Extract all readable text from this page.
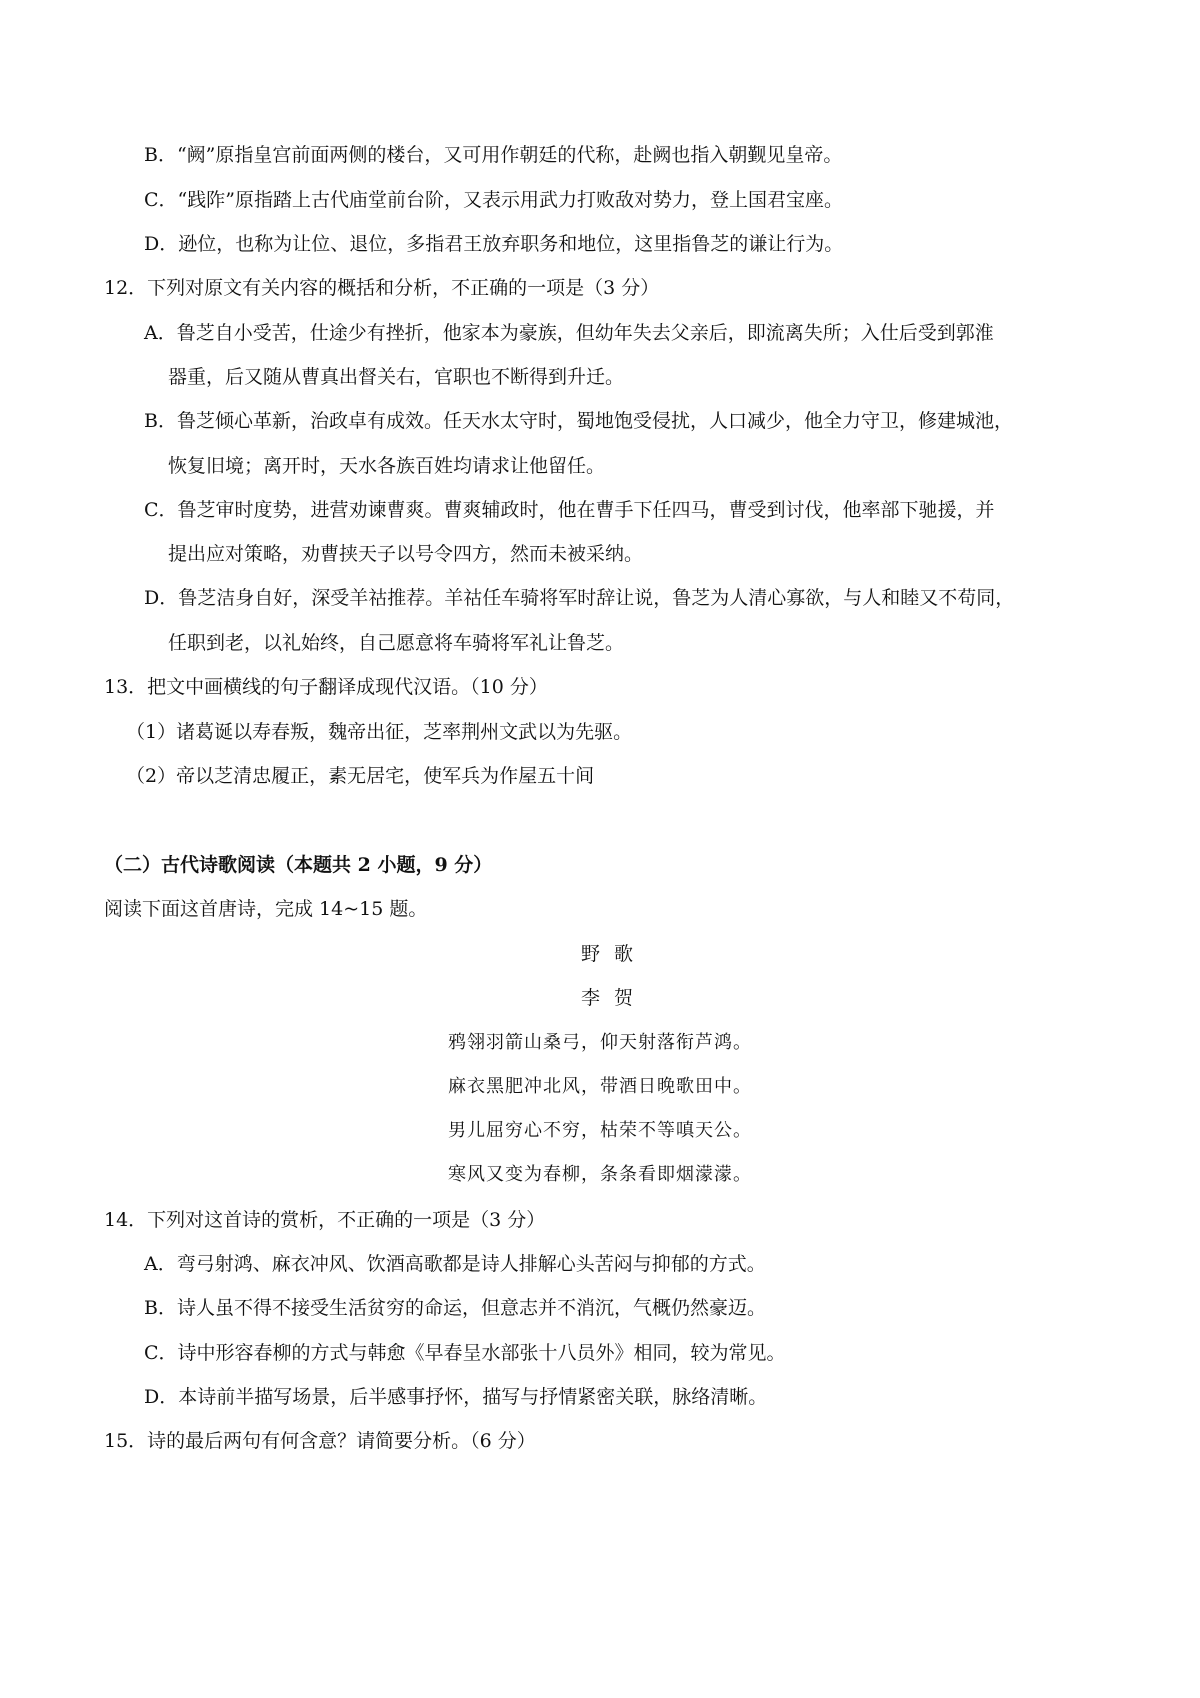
B．“阙”原指皇宫前面两侧的楼台，又可用作朝廷的代称，赴阙也指入朝觐见皇帝。
C．“践阼”原指踏上古代庙堂前台阶，又表示用武力打败敌对势力，登上国君宝座。
D．逊位，也称为让位、退位，多指君王放弃职务和地位，这里指鲁芝的谦让行为。
12．下列对原文有关内容的概括和分析，不正确的一项是（3 分）
A．鲁芝自小受苦，仕途少有挫折，他家本为豪族，但幼年失去父亲后，即流离失所；入仕后受到郭淮
器重，后又随从曹真出督关右，官职也不断得到升迁。
B．鲁芝倾心革新，治政卓有成效。任天水太守时，蜀地饱受侵扰，人口减少，他全力守卫，修建城池，
恢复旧境；离开时，天水各族百姓均请求让他留任。
C．鲁芝审时度势，进营劝谏曹爽。曹爽辅政时，他在曹手下任四马，曹受到讨伐，他率部下驰援，并
提出应对策略，劝曹挟天子以号令四方，然而未被采纳。
D．鲁芝洁身自好，深受羊祜推荐。羊祜任车骑将军时辞让说，鲁芝为人清心寡欲，与人和睦又不苟同，
任职到老，以礼始终，自己愿意将车骑将军礼让鲁芝。
13．把文中画横线的句子翻译成现代汉语。（10 分）
（1）诸葛诞以寿春叛，魏帝出征，芝率荆州文武以为先驱。
（2）帝以芝清忠履正，素无居宅，使军兵为作屋五十间
（二）古代诗歌阅读（本题共 2 小题，9 分）
阅读下面这首唐诗，完成 14~15 题。
野歌
李贺
鸦翎羽箭山桑弓，仰天射落衔芦鸿。
麻衣黑肥冲北风，带酒日晚歌田中。
男儿屈穷心不穷，枯荣不等嗔天公。
寒风又变为春柳，条条看即烟濛濛。
14．下列对这首诗的赏析，不正确的一项是（3 分）
A．弯弓射鸿、麻衣冲风、饮酒高歌都是诗人排解心头苦闷与抑郁的方式。
B．诗人虽不得不接受生活贫穷的命运，但意志并不消沉，气概仍然豪迈。
C．诗中形容春柳的方式与韩愈《早春呈水部张十八员外》相同，较为常见。
D．本诗前半描写场景，后半感事抒怀，描写与抒情紧密关联，脉络清晰。
15．诗的最后两句有何含意？请简要分析。（6 分）
